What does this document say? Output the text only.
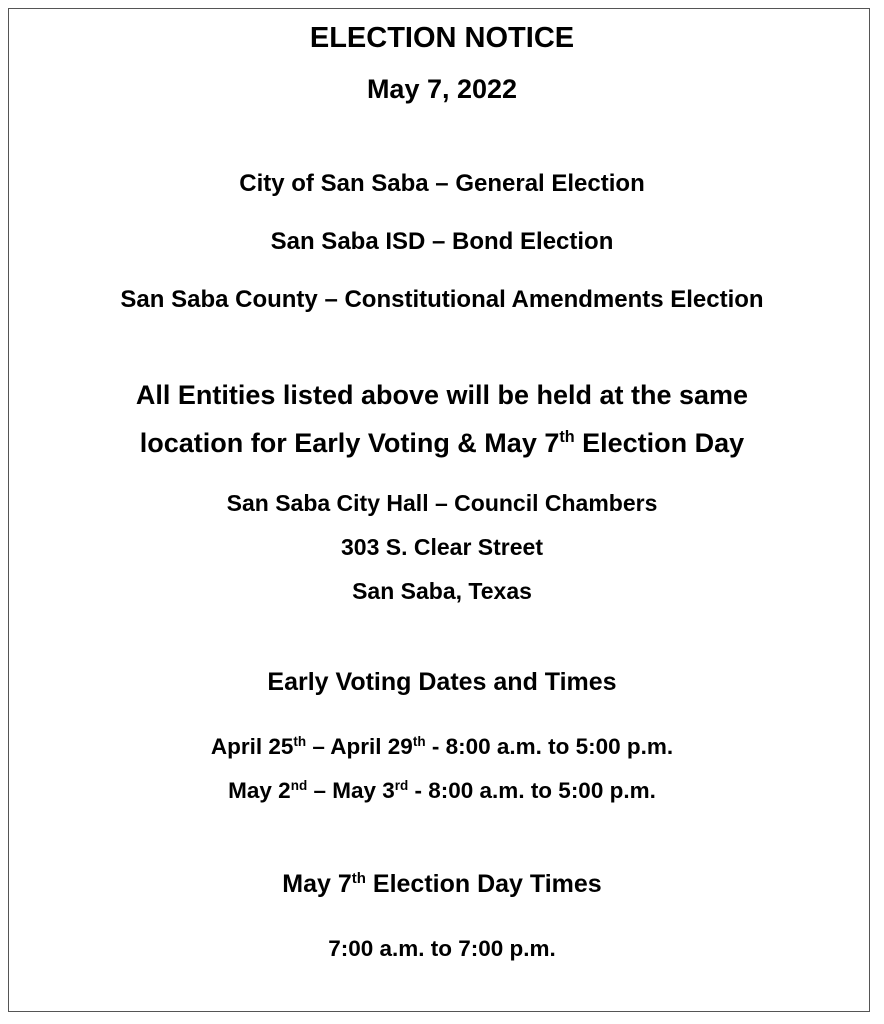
ELECTION NOTICE
May 7, 2022
City of San Saba – General Election
San Saba ISD – Bond Election
San Saba County – Constitutional Amendments Election
All Entities listed above will be held at the same
location for Early Voting & May 7th Election Day
San Saba City Hall – Council Chambers
303 S. Clear Street
San Saba, Texas
Early Voting Dates and Times
April 25th – April 29th - 8:00 a.m. to 5:00 p.m.
May 2nd – May 3rd - 8:00 a.m. to 5:00 p.m.
May 7th Election Day Times
7:00 a.m. to 7:00 p.m.
